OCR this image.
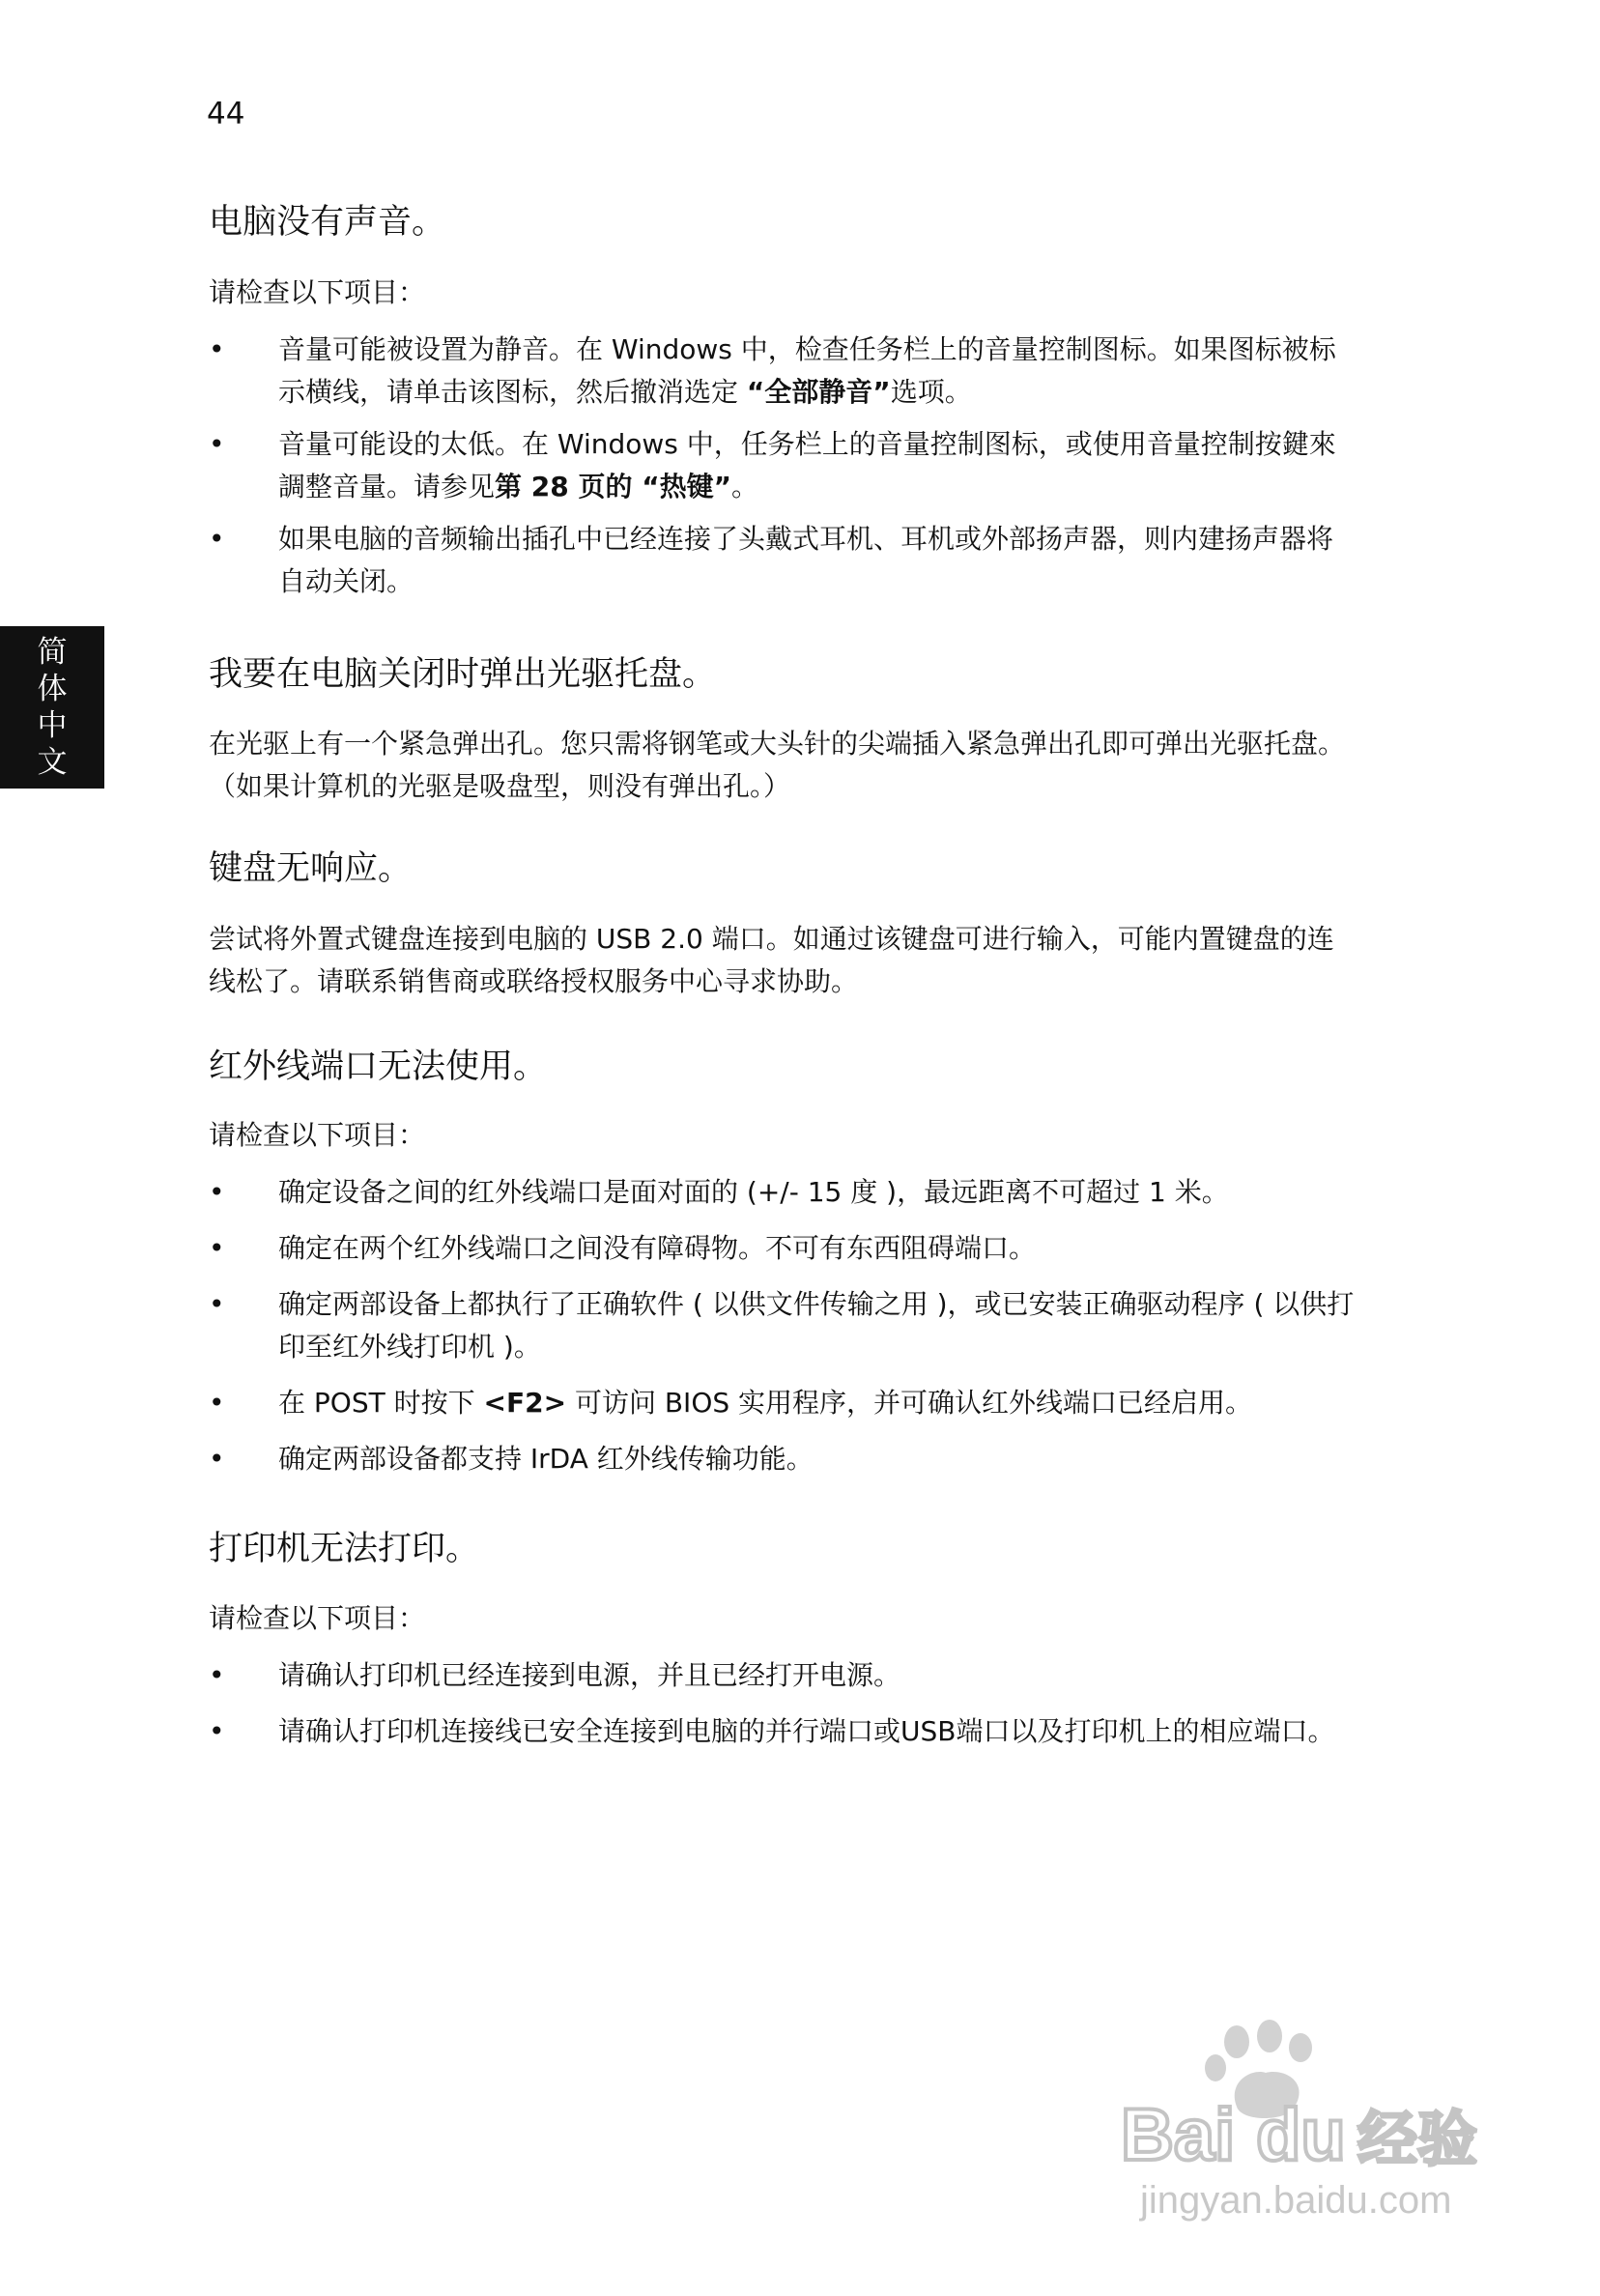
44
简
体
中
文
电脑没有声音。

请检查以下项目：

• 音量可能被设置为静音。在 Windows 中，检查任务栏上的音量控制图标。如果图标被标示横线，请单击该图标，然后撤消选定 “全部静音”选项。
• 音量可能设的太低。在 Windows 中，任务栏上的音量控制图标，或使用音量控制按鍵來調整音量。请参见第 28 页的 “热键”。
• 如果电脑的音频输出插孔中已经连接了头戴式耳机、耳机或外部扬声器，则内建扬声器将自动关闭。
我要在电脑关闭时弹出光驱托盘。

在光驱上有一个紧急弹出孔。您只需将钢笔或大头针的尖端插入紧急弹出孔即可弹出光驱托盘。（如果计算机的光驱是吸盘型，则没有弹出孔。）

键盘无响应。

尝试将外置式键盘连接到电脑的 USB 2.0 端口。如通过该键盘可进行输入，可能内置键盘的连线松了。请联系销售商或联络授权服务中心寻求协助。

红外线端口无法使用。

请检查以下项目：

• 确定设备之间的红外线端口是面对面的 (+/- 15 度 )，最远距离不可超过 1 米。
• 确定在两个红外线端口之间没有障碍物。不可有东西阻碍端口。
• 确定两部设备上都执行了正确软件 ( 以供文件传输之用 )，或已安装正确驱动程序 ( 以供打印至红外线打印机 )。
• 在 POST 时按下 <F2> 可访问 BIOS 实用程序，并可确认红外线端口已经启用。
• 确定两部设备都支持 IrDA 红外线传输功能。
打印机无法打印。

请检查以下项目：

• 请确认打印机已经连接到电源，并且已经打开电源。
• 请确认打印机连接线已安全连接到电脑的并行端口或USB端口以及打印机上的相应端口。
Bai du 经验
jingyan.baidu.com
